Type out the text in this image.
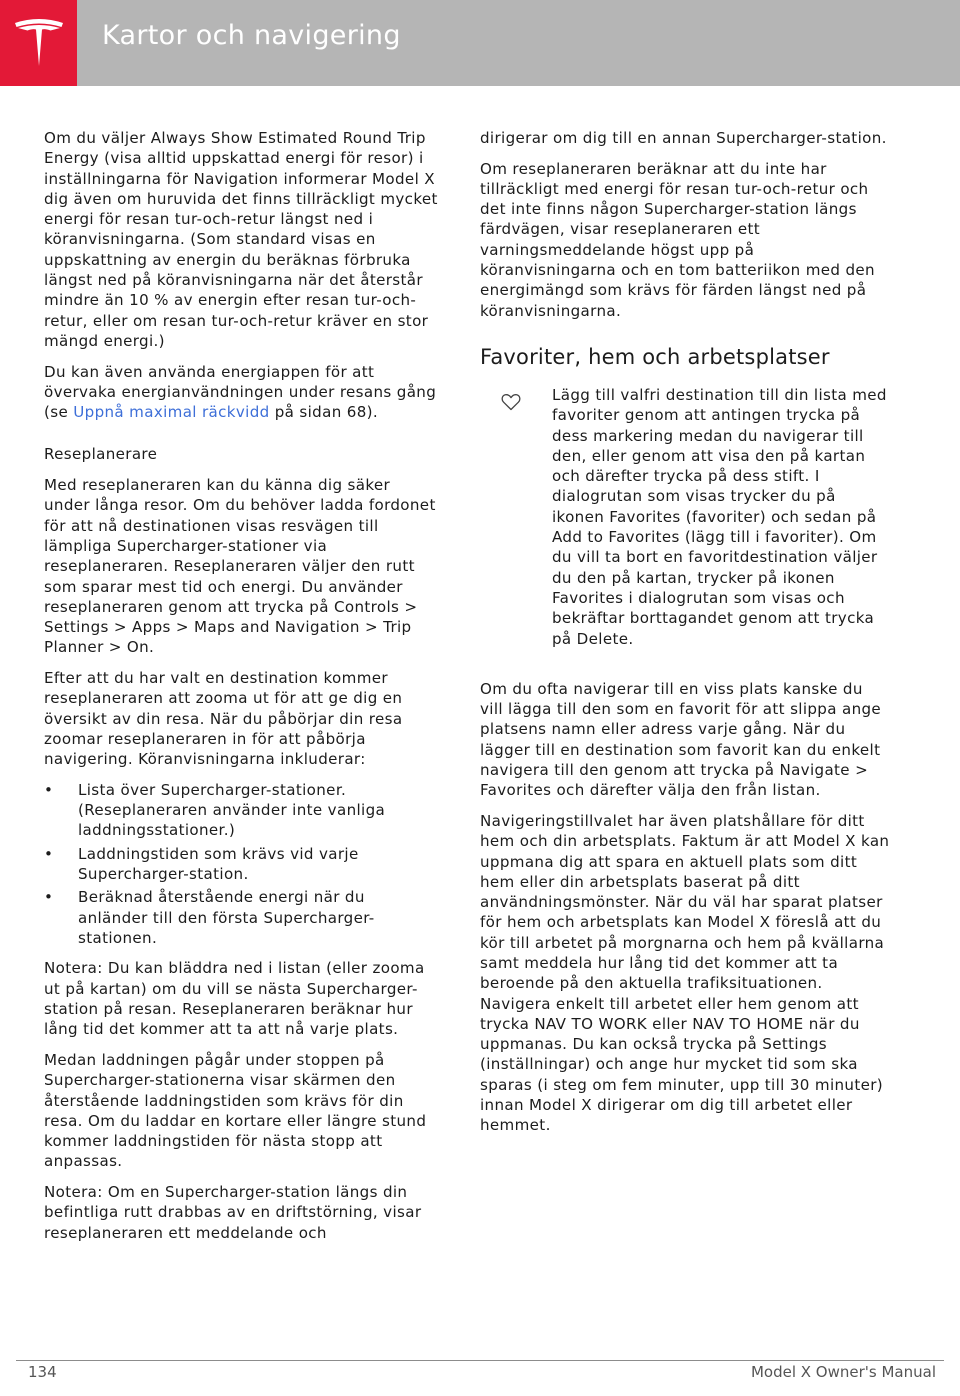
Kartor och navigering

Om du väljer Always Show Estimated Round Trip Energy (visa alltid uppskattad energi för resor) i inställningarna för Navigation informerar Model X dig även om huruvida det finns tillräckligt mycket energi för resan tur-och-retur längst ned i köranvisningarna. (Som standard visas en uppskattning av energin du beräknas förbruka längst ned på köranvisningarna när det återstår mindre än 10 % av energin efter resan tur-och-retur, eller om resan tur-och-retur kräver en stor mängd energi.)

Du kan även använda energiappen för att övervaka energianvändningen under resans gång (se Uppnå maximal räckvidd på sidan 68).

Reseplanerare

Med reseplaneraren kan du känna dig säker under långa resor. Om du behöver ladda fordonet för att nå destinationen visas resvägen till lämpliga Supercharger-stationer via reseplaneraren. Reseplaneraren väljer den rutt som sparar mest tid och energi. Du använder reseplaneraren genom att trycka på Controls > Settings > Apps > Maps and Navigation > Trip Planner > On.

Efter att du har valt en destination kommer reseplaneraren att zooma ut för att ge dig en översikt av din resa. När du påbörjar din resa zoomar reseplaneraren in för att påbörja navigering. Köranvisningarna inkluderar:

• Lista över Supercharger-stationer. (Reseplaneraren använder inte vanliga laddningsstationer.)
• Laddningstiden som krävs vid varje Supercharger-station.
• Beräknad återstående energi när du anländer till den första Supercharger-stationen.

Notera: Du kan bläddra ned i listan (eller zooma ut på kartan) om du vill se nästa Supercharger-station på resan. Reseplaneraren beräknar hur lång tid det kommer att ta att nå varje plats.

Medan laddningen pågår under stoppen på Supercharger-stationerna visar skärmen den återstående laddningstiden som krävs för din resa. Om du laddar en kortare eller längre stund kommer laddningstiden för nästa stopp att anpassas.

Notera: Om en Supercharger-station längs din befintliga rutt drabbas av en driftstörning, visar reseplaneraren ett meddelande och

dirigerar om dig till en annan Supercharger-station.

Om reseplaneraren beräknar att du inte har tillräckligt med energi för resan tur-och-retur och det inte finns någon Supercharger-station längs färdvägen, visar reseplaneraren ett varningsmeddelande högst upp på köranvisningarna och en tom batteriikon med den energimängd som krävs för färden längst ned på köranvisningarna.

Favoriter, hem och arbetsplatser

Lägg till valfri destination till din lista med favoriter genom att antingen trycka på dess markering medan du navigerar till den, eller genom att visa den på kartan och därefter trycka på dess stift. I dialogrutan som visas trycker du på ikonen Favorites (favoriter) och sedan på Add to Favorites (lägg till i favoriter). Om du vill ta bort en favoritdestination väljer du den på kartan, trycker på ikonen Favorites i dialogrutan som visas och bekräftar borttagandet genom att trycka på Delete.

Om du ofta navigerar till en viss plats kanske du vill lägga till den som en favorit för att slippa ange platsens namn eller adress varje gång. När du lägger till en destination som favorit kan du enkelt navigera till den genom att trycka på Navigate > Favorites och därefter välja den från listan.

Navigeringstillvalet har även platshållare för ditt hem och din arbetsplats. Faktum är att Model X kan uppmana dig att spara en aktuell plats som ditt hem eller din arbetsplats baserat på ditt användningsmönster. När du väl har sparat platser för hem och arbetsplats kan Model X föreslå att du kör till arbetet på morgnarna och hem på kvällarna samt meddela hur lång tid det kommer att ta beroende på den aktuella trafiksituationen. Navigera enkelt till arbetet eller hem genom att trycka NAV TO WORK eller NAV TO HOME när du uppmanas. Du kan också trycka på Settings (inställningar) och ange hur mycket tid som ska sparas (i steg om fem minuter, upp till 30 minuter) innan Model X dirigerar om dig till arbetet eller hemmet.

134	Model X Owner's Manual
